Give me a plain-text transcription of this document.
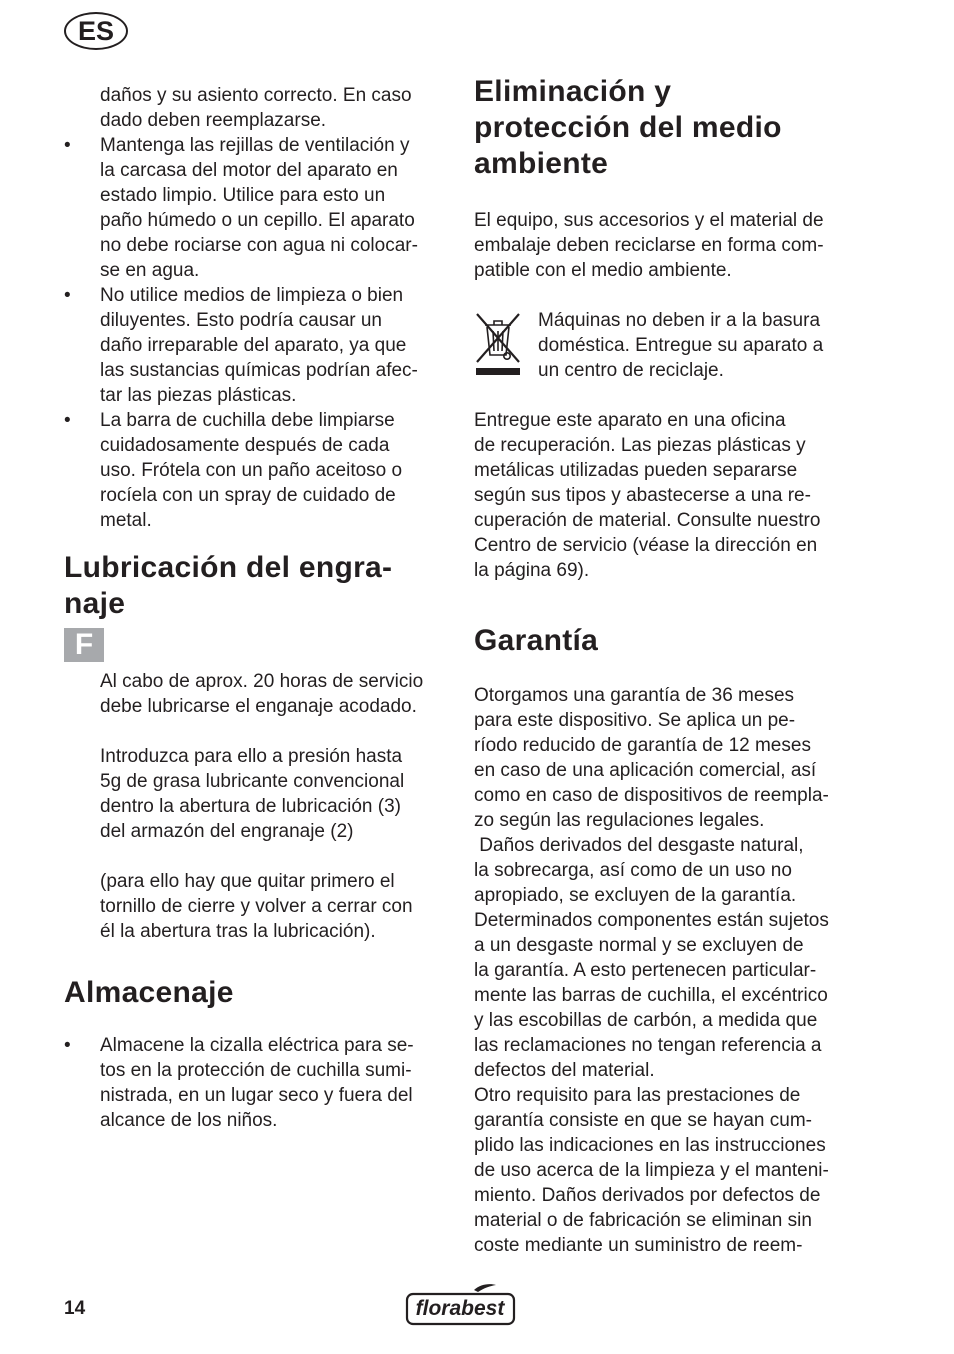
ES
daños y su asiento correcto. En caso
dado deben reemplazarse.
• Mantenga las rejillas de ventilación y
la carcasa del motor del aparato en
estado limpio. Utilice para esto un
paño húmedo o un cepillo. El aparato
no debe rociarse con agua ni colocar-
se en agua.
• No utilice medios de limpieza o bien
diluyentes. Esto podría causar un
daño irreparable del aparato, ya que
las sustancias químicas podrían afec-
tar las piezas plásticas.
• La barra de cuchilla debe limpiarse
cuidadosamente después de cada
uso. Frótela con un paño aceitoso o
rocíela con un spray de cuidado de
metal.
Lubricación del engra-
naje
F
Al cabo de aprox. 20 horas de servicio
debe lubricarse el enganaje acodado.
Introduzca para ello a presión hasta
5g de grasa lubricante convencional
dentro la abertura de lubricación (3)
del armazón del engranaje (2)
(para ello hay que quitar primero el
tornillo de cierre y volver a cerrar con
él la abertura tras la lubricación).
Almacenaje
• Almacene la cizalla eléctrica para se-
tos en la protección de cuchilla sumi-
nistrada, en un lugar seco y fuera del
alcance de los niños.
Eliminación y
protección del medio
ambiente
El equipo, sus accesorios y el material de
embalaje deben reciclarse en forma com-
patible con el medio ambiente.
Máquinas no deben ir a la basura
doméstica. Entregue su aparato a
un centro de reciclaje.
Entregue este aparato en una oficina
de recuperación. Las piezas plásticas y
metálicas utilizadas pueden separarse
según sus tipos y abastecerse a una re-
cuperación de material. Consulte nuestro
Centro de servicio (véase la dirección en
la página 69).
Garantía
Otorgamos una garantía de 36 meses
para este dispositivo. Se aplica un pe-
ríodo reducido de garantía de 12 meses
en caso de una aplicación comercial, así
como en caso de dispositivos de reempla-
zo según las regulaciones legales.
Daños derivados del desgaste natural,
la sobrecarga, así como de un uso no
apropiado, se excluyen de la garantía.
Determinados componentes están sujetos
a un desgaste normal y se excluyen de
la garantía. A esto pertenecen particular-
mente las barras de cuchilla, el excéntrico
y las escobillas de carbón, a medida que
las reclamaciones no tengan referencia a
defectos del material.
Otro requisito para las prestaciones de
garantía consiste en que se hayan cum-
plido las indicaciones en las instrucciones
de uso acerca de la limpieza y el manteni-
miento. Daños derivados por defectos de
material o de fabricación se eliminan sin
coste mediante un suministro de reem-
14	florabest
